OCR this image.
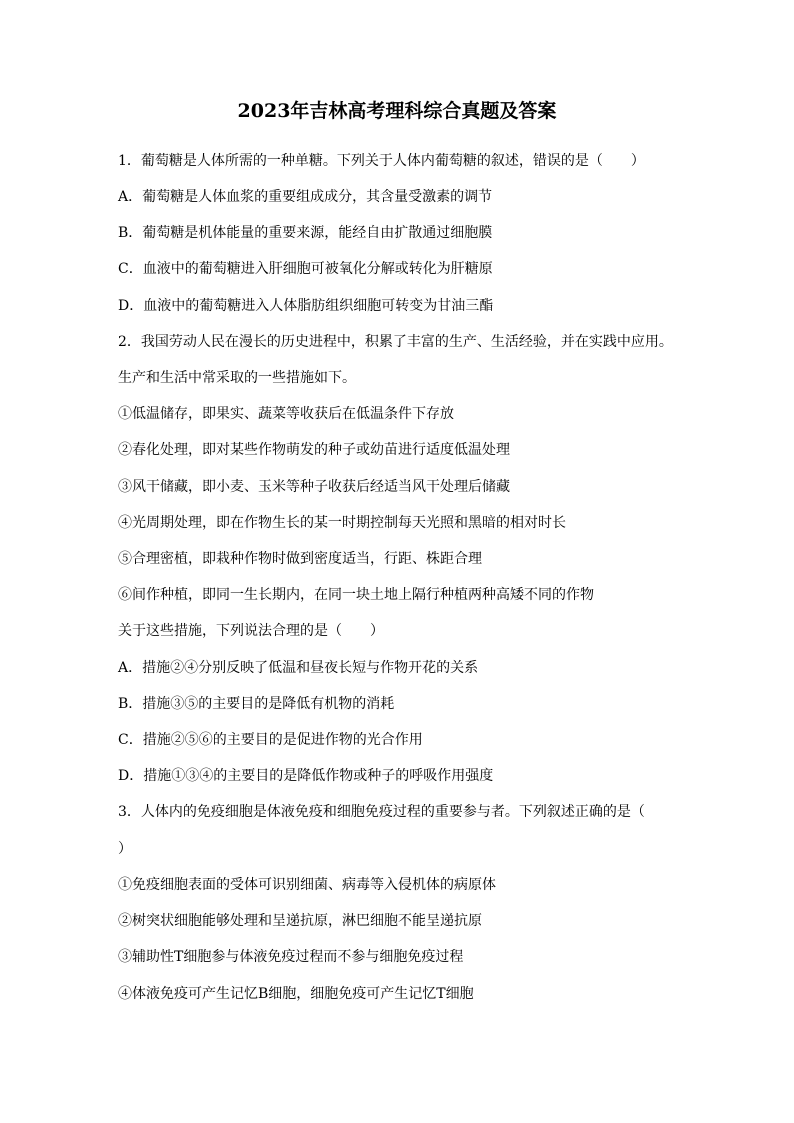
2023年吉林高考理科综合真题及答案
1．葡萄糖是人体所需的一种单糖。下列关于人体内葡萄糖的叙述，错误的是（　　）
A．葡萄糖是人体血浆的重要组成成分，其含量受激素的调节
B．葡萄糖是机体能量的重要来源，能经自由扩散通过细胞膜
C．血液中的葡萄糖进入肝细胞可被氧化分解或转化为肝糖原
D．血液中的葡萄糖进入人体脂肪组织细胞可转变为甘油三酯
2．我国劳动人民在漫长的历史进程中，积累了丰富的生产、生活经验，并在实践中应用。
生产和生活中常采取的一些措施如下。
①低温储存，即果实、蔬菜等收获后在低温条件下存放
②春化处理，即对某些作物萌发的种子或幼苗进行适度低温处理
③风干储藏，即小麦、玉米等种子收获后经适当风干处理后储藏
④光周期处理，即在作物生长的某一时期控制每天光照和黑暗的相对时长
⑤合理密植，即栽种作物时做到密度适当，行距、株距合理
⑥间作种植，即同一生长期内，在同一块土地上隔行种植两种高矮不同的作物
关于这些措施，下列说法合理的是（　　）
A．措施②④分别反映了低温和昼夜长短与作物开花的关系
B．措施③⑤的主要目的是降低有机物的消耗
C．措施②⑤⑥的主要目的是促进作物的光合作用
D．措施①③④的主要目的是降低作物或种子的呼吸作用强度
3．人体内的免疫细胞是体液免疫和细胞免疫过程的重要参与者。下列叙述正确的是（
）
①免疫细胞表面的受体可识别细菌、病毒等入侵机体的病原体
②树突状细胞能够处理和呈递抗原，淋巴细胞不能呈递抗原
③辅助性T细胞参与体液免疫过程而不参与细胞免疫过程
④体液免疫可产生记忆B细胞，细胞免疫可产生记忆T细胞
